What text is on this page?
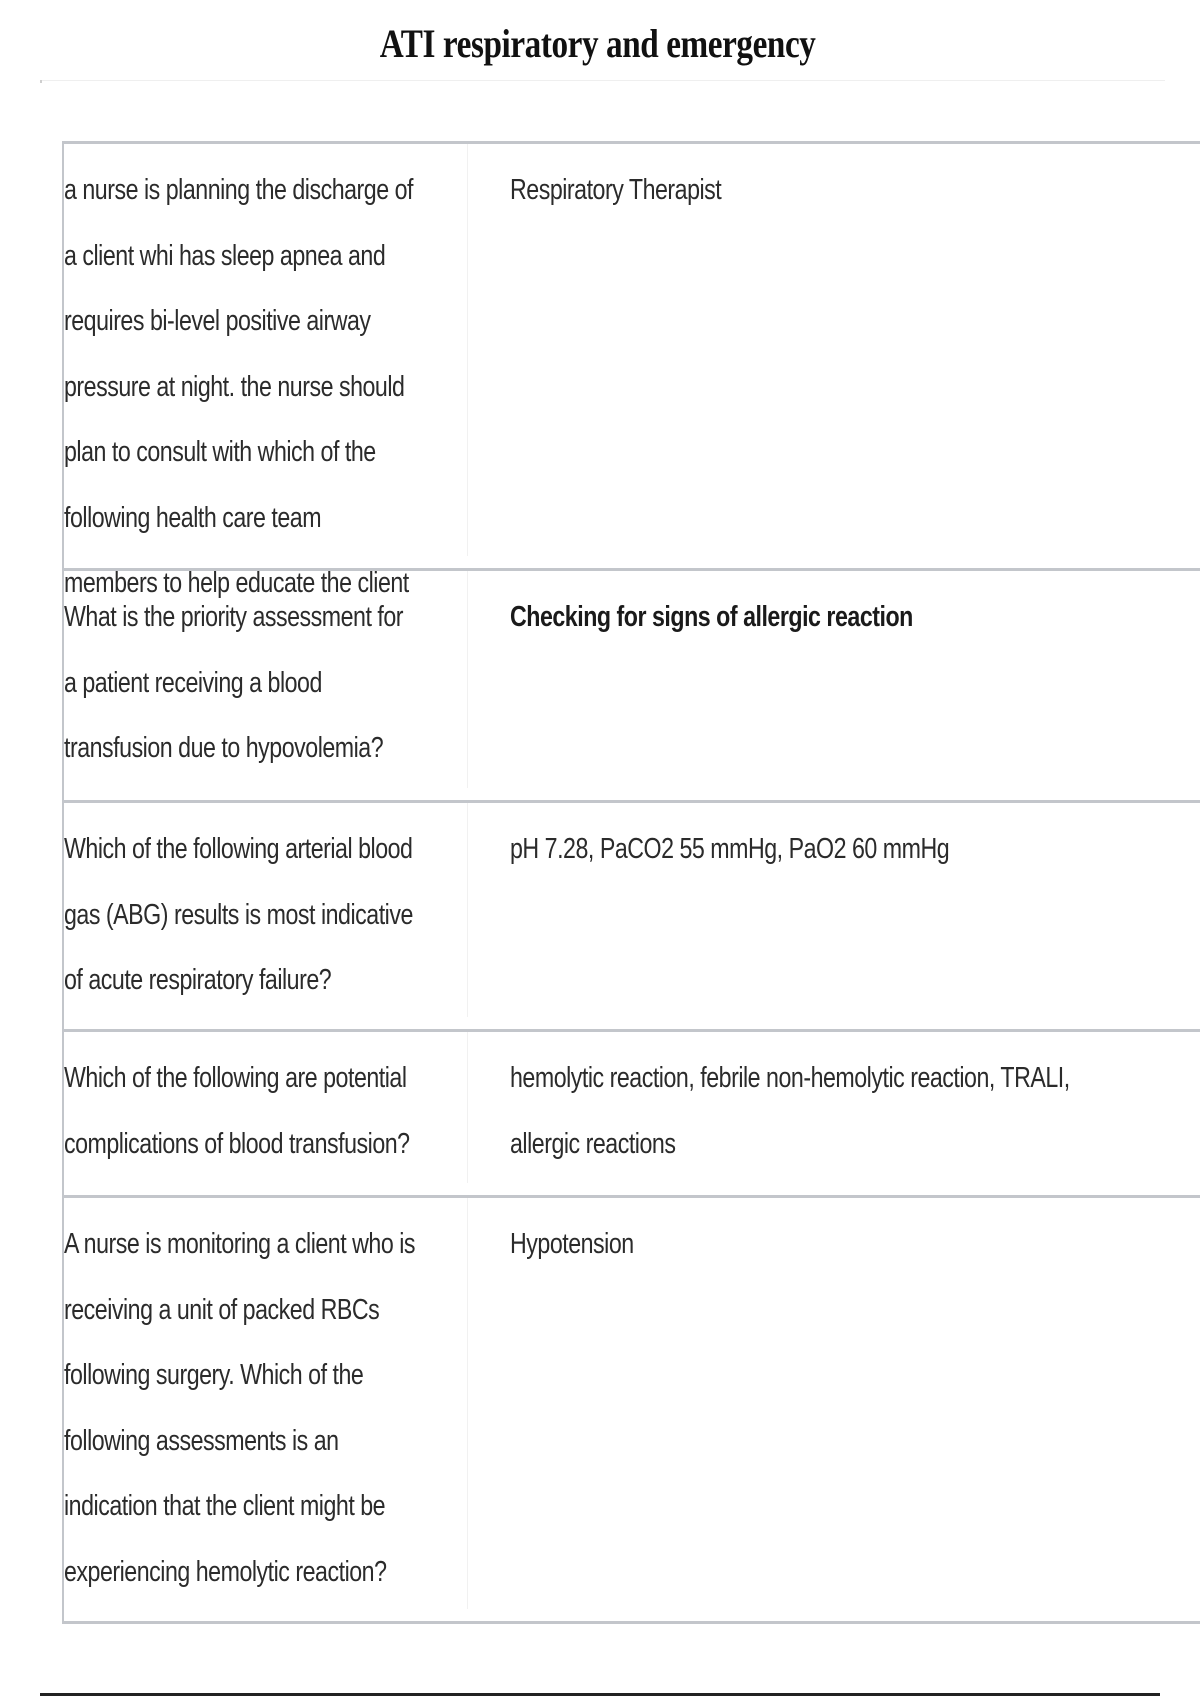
ATI respiratory and emergency
a nurse is planning the discharge of a client whi has sleep apnea and requires bi-level positive airway pressure at night. the nurse should plan to consult with which of the following health care team members to help educate the client
Respiratory Therapist
What is the priority assessment for a patient receiving a blood transfusion due to hypovolemia?
Checking for signs of allergic reaction
Which of the following arterial blood gas (ABG) results is most indicative of acute respiratory failure?
pH 7.28, PaCO2 55 mmHg, PaO2 60 mmHg
Which of the following are potential complications of blood transfusion?
hemolytic reaction, febrile non-hemolytic reaction, TRALI, allergic reactions
A nurse is monitoring a client who is receiving a unit of packed RBCs following surgery. Which of the following assessments is an indication that the client might be experiencing hemolytic reaction?
Hypotension
